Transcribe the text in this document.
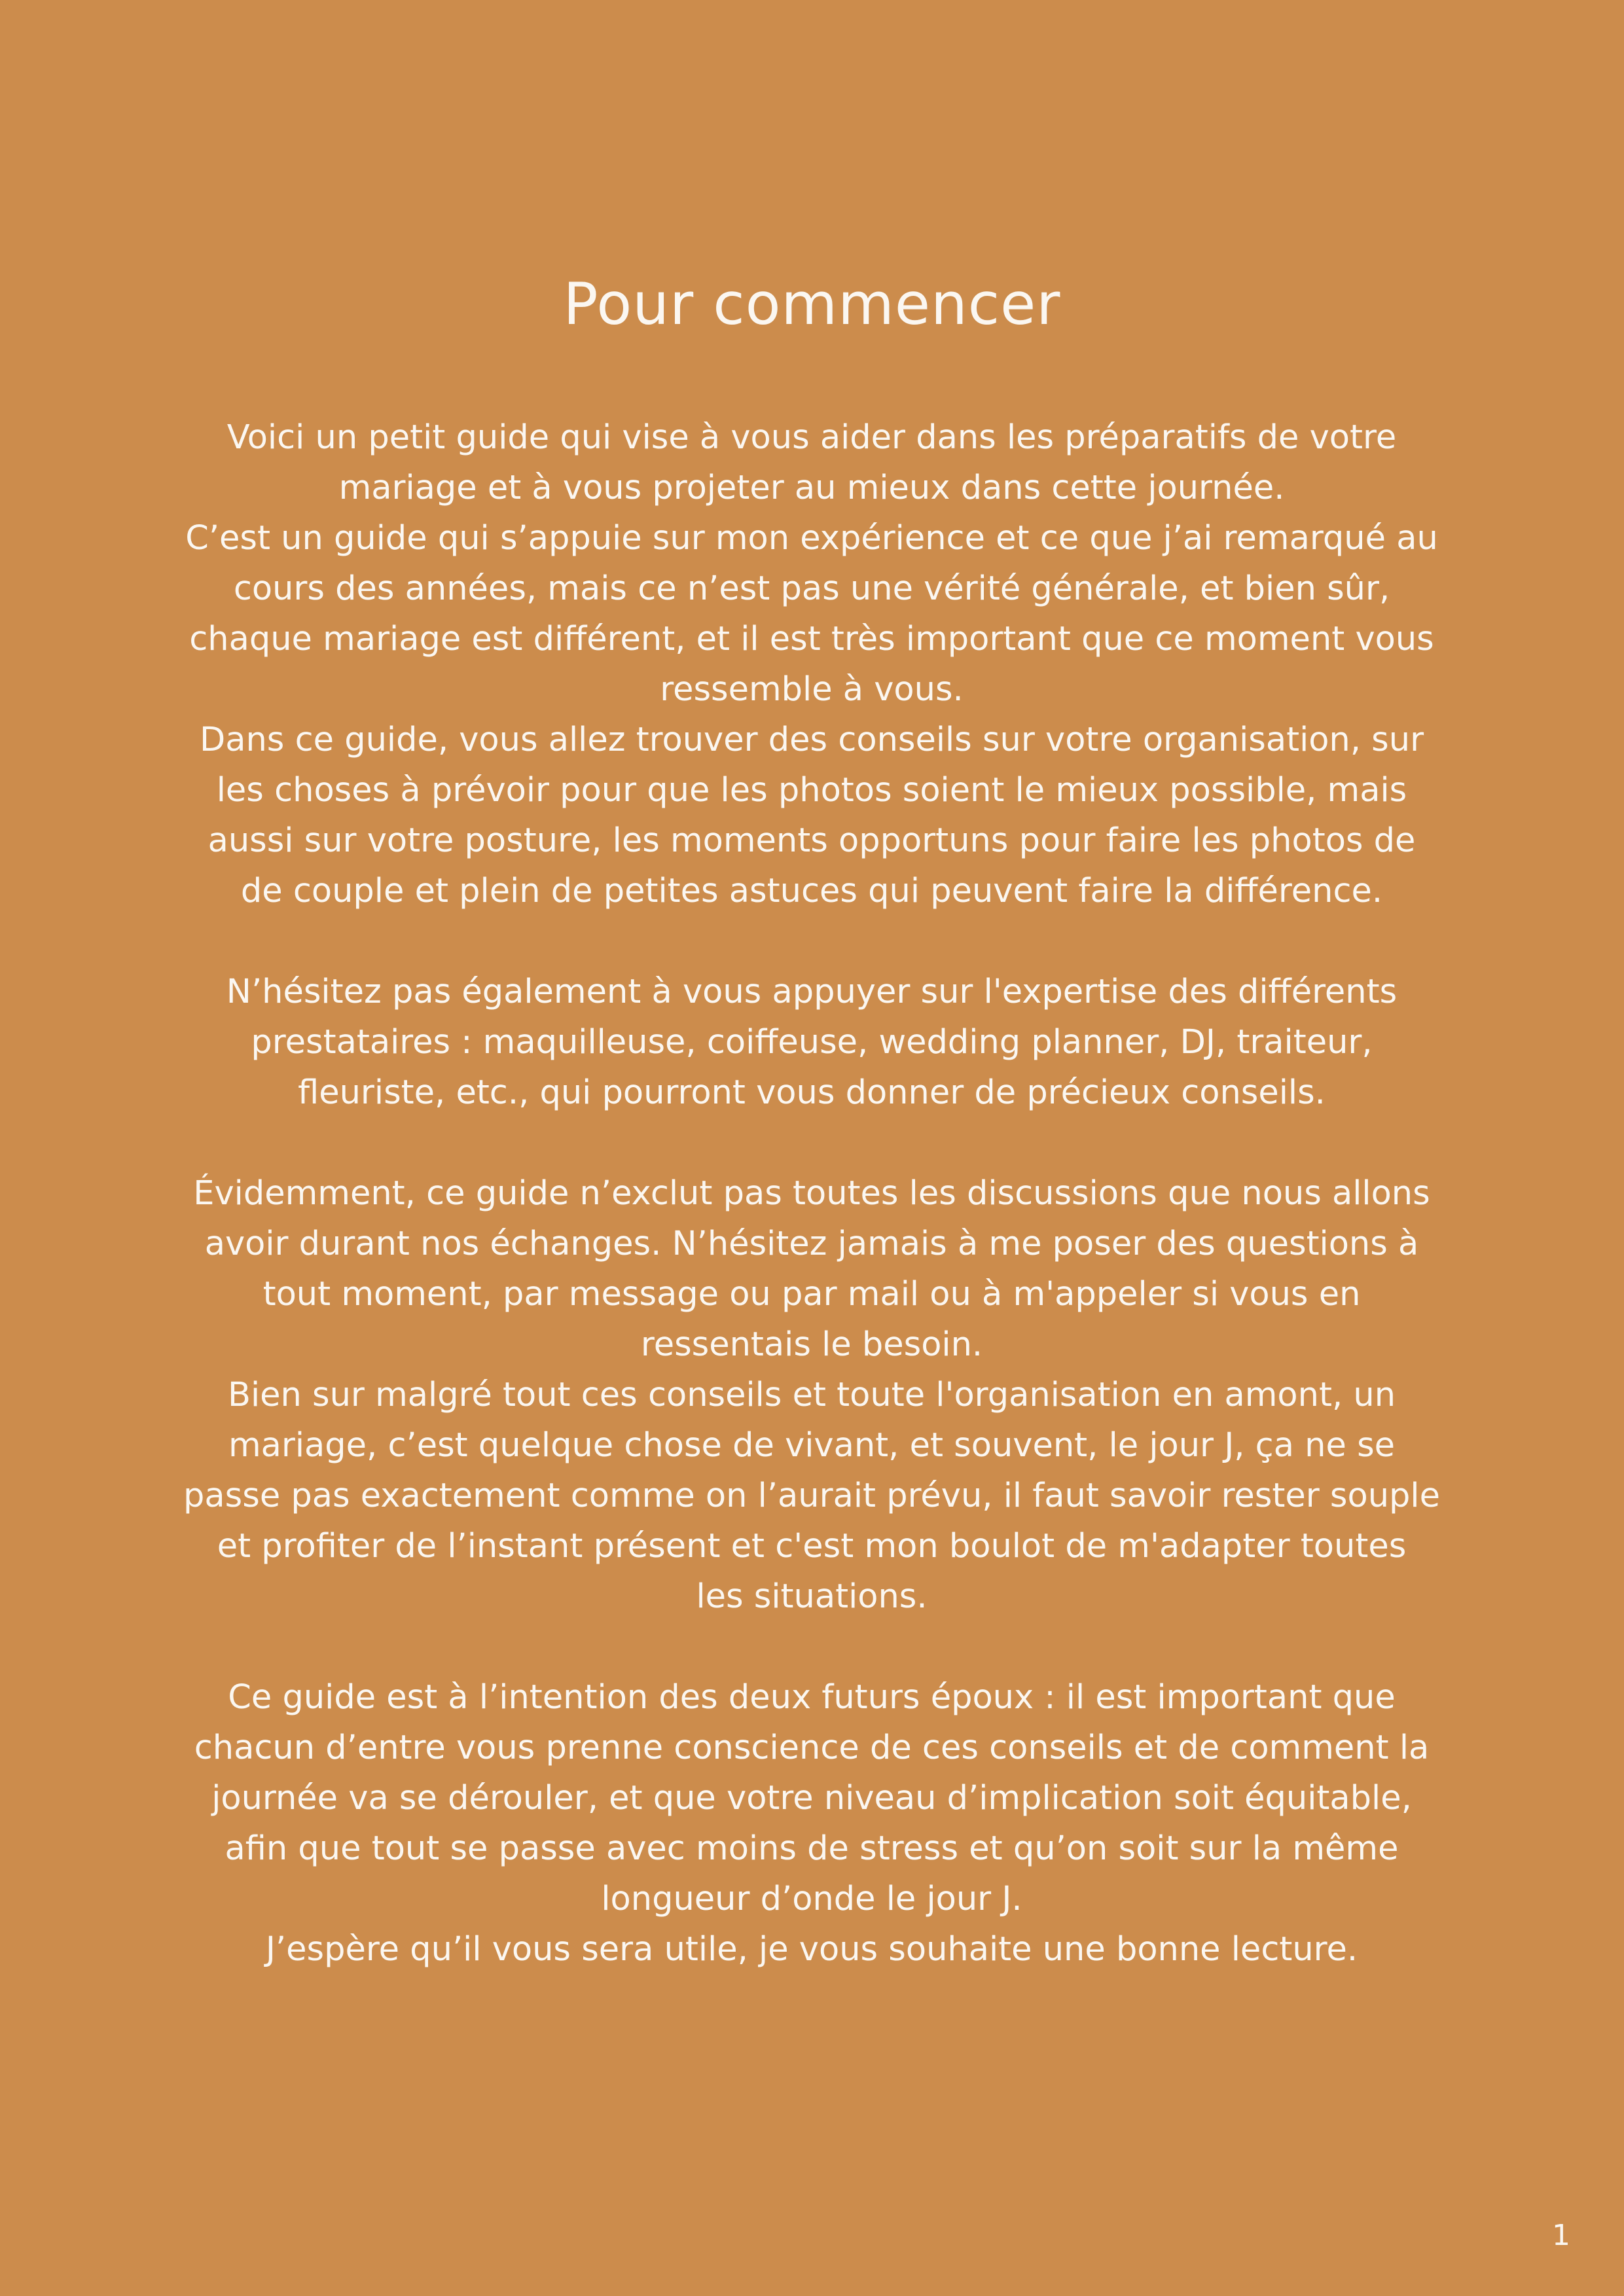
Pour commencer
Voici un petit guide qui vise à vous aider dans les préparatifs de votre
mariage et à vous projeter au mieux dans cette journée.
C’est un guide qui s’appuie sur mon expérience et ce que j’ai remarqué au
cours des années, mais ce n’est pas une vérité générale, et bien sûr,
chaque mariage est différent, et il est très important que ce moment vous
ressemble à vous.
Dans ce guide, vous allez trouver des conseils sur votre organisation, sur
les choses à prévoir pour que les photos soient le mieux possible, mais
aussi sur votre posture, les moments opportuns pour faire les photos de
de couple et plein de petites astuces qui peuvent faire la différence.
N’hésitez pas également à vous appuyer sur l'expertise des différents
prestataires : maquilleuse, coiffeuse, wedding planner, DJ, traiteur,
fleuriste, etc., qui pourront vous donner de précieux conseils.
Évidemment, ce guide n’exclut pas toutes les discussions que nous allons
avoir durant nos échanges. N’hésitez jamais à me poser des questions à
tout moment, par message ou par mail ou à m'appeler si vous en
ressentais le besoin.
Bien sur malgré tout ces conseils et toute l'organisation en amont, un
mariage, c’est quelque chose de vivant, et souvent, le jour J, ça ne se
passe pas exactement comme on l’aurait prévu, il faut savoir rester souple
et profiter de l’instant présent et c'est mon boulot de m'adapter toutes
les situations.
Ce guide est à l’intention des deux futurs époux : il est important que
chacun d’entre vous prenne conscience de ces conseils et de comment la
journée va se dérouler, et que votre niveau d’implication soit équitable,
afin que tout se passe avec moins de stress et qu’on soit sur la même
longueur d’onde le jour J.
J’espère qu’il vous sera utile, je vous souhaite une bonne lecture.
1
